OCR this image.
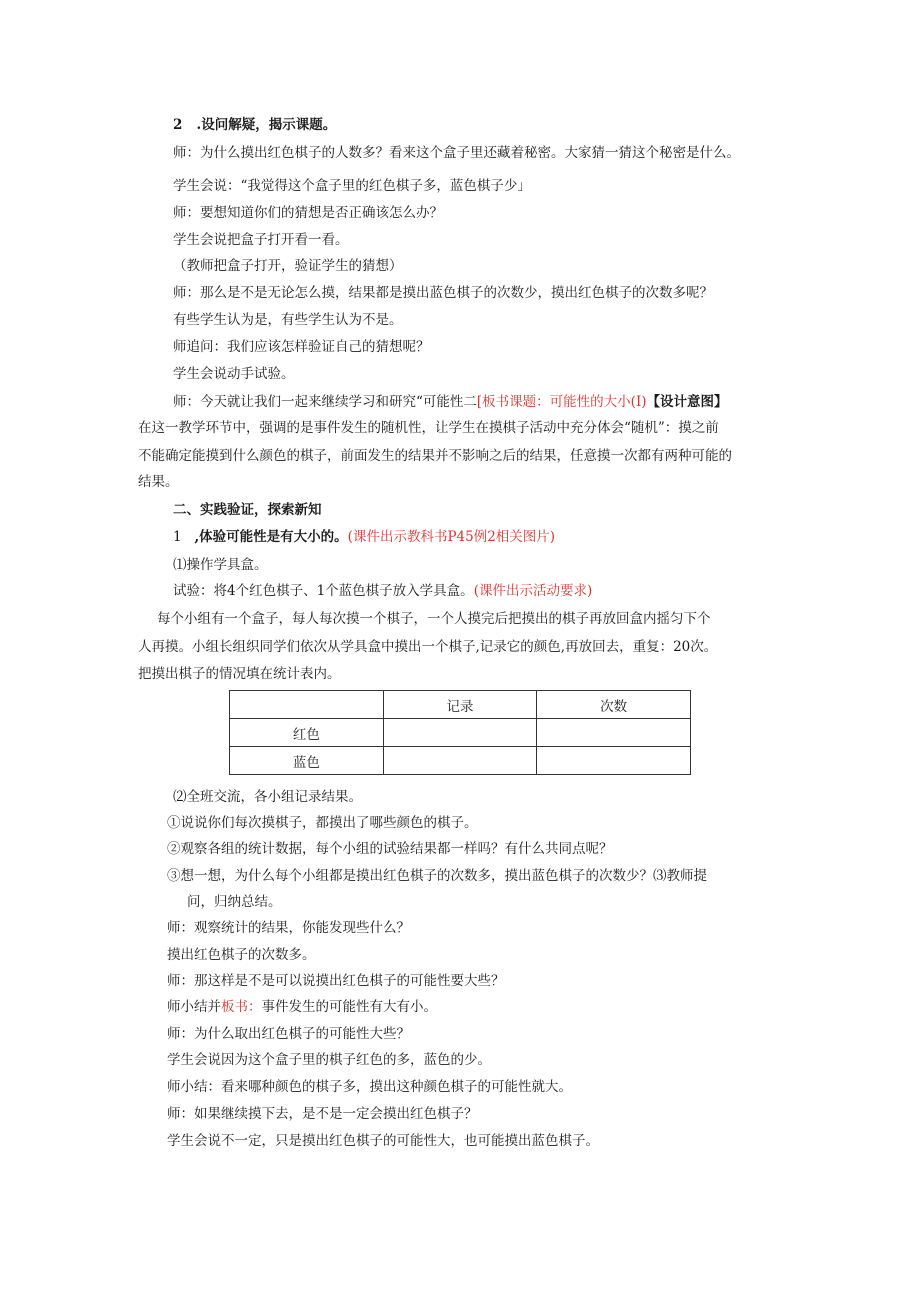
2 .设问解疑，揭示课题。
师：为什么摸出红色棋子的人数多？看来这个盒子里还藏着秘密。大家猜一猜这个秘密是什么。
学生会说：“我觉得这个盒子里的红色棋子多，蓝色棋子少」
师：要想知道你们的猜想是否正确该怎么办？
学生会说把盒子打开看一看。
（教师把盒子打开，验证学生的猜想）
师：那么是不是无论怎么摸，结果都是摸出蓝色棋子的次数少，摸出红色棋子的次数多呢？
有些学生认为是，有些学生认为不是。
师追问：我们应该怎样验证自己的猜想呢？
学生会说动手试验。
师：今天就让我们一起来继续学习和研究“可能性二[板书课题：可能性的大小(I)【设计意图】
在这一教学环节中，强调的是事件发生的随机性，让学生在摸棋子活动中充分体会“随机”：摸之前
不能确定能摸到什么颜色的棋子，前面发生的结果并不影响之后的结果，任意摸一次都有两种可能的
结果。
二、实践验证，探索新知
1 ,体验可能性是有大小的。(课件出示教科书P45例2相关图片)
⑴操作学具盒。
试验：将4个红色棋子、1个蓝色棋子放入学具盒。(课件出示活动要求)
每个小组有一个盒子，每人每次摸一个棋子，一个人摸完后把摸出的棋子再放回盒内摇匀下个
人再摸。小组长组织同学们依次从学具盒中摸出一个棋子,记录它的颜色,再放回去，重复：20次。
把摸出棋子的情况填在统计表内。
	记录	次数
红色		
蓝色		
⑵全班交流，各小组记录结果。
①说说你们每次摸棋子，都摸出了哪些颜色的棋子。
②观察各组的统计数据，每个小组的试验结果都一样吗？有什么共同点呢？
③想一想，为什么每个小组都是摸出红色棋子的次数多，摸出蓝色棋子的次数少？⑶教师提
问，归纳总结。
师：观察统计的结果，你能发现些什么？
摸出红色棋子的次数多。
师：那这样是不是可以说摸出红色棋子的可能性要大些？
师小结并板书：事件发生的可能性有大有小。
师：为什么取出红色棋子的可能性大些？
学生会说因为这个盒子里的棋子红色的多，蓝色的少。
师小结：看来哪种颜色的棋子多，摸出这种颜色棋子的可能性就大。
师：如果继续摸下去，是不是一定会摸出红色棋子？
学生会说不一定，只是摸出红色棋子的可能性大，也可能摸出蓝色棋子。
